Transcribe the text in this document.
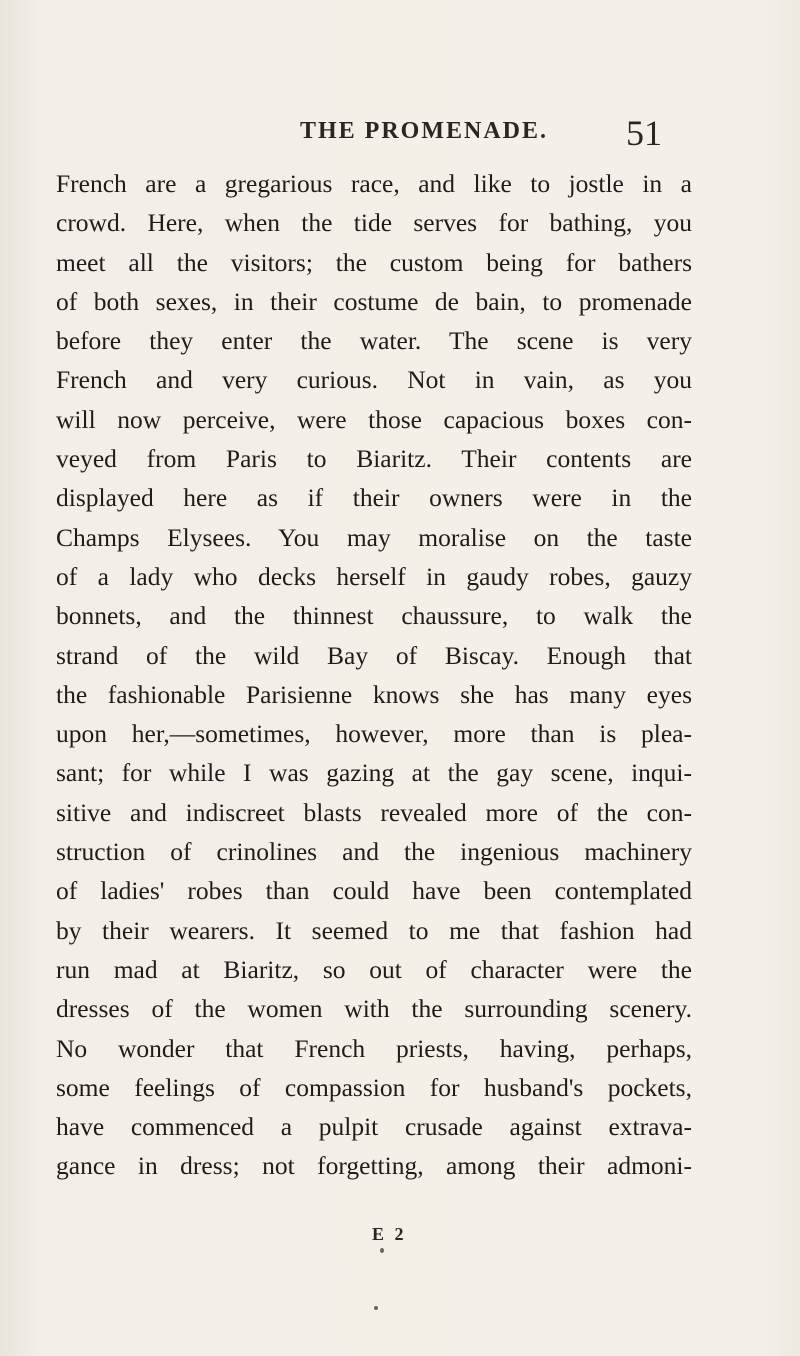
THE PROMENADE. 51
French are a gregarious race, and like to jostle in a
crowd. Here, when the tide serves for bathing, you
meet all the visitors; the custom being for bathers
of both sexes, in their costume de bain, to promenade
before they enter the water. The scene is very
French and very curious. Not in vain, as you
will now perceive, were those capacious boxes con-
veyed from Paris to Biaritz. Their contents are
displayed here as if their owners were in the
Champs Elysees. You may moralise on the taste
of a lady who decks herself in gaudy robes, gauzy
bonnets, and the thinnest chaussure, to walk the
strand of the wild Bay of Biscay. Enough that
the fashionable Parisienne knows she has many eyes
upon her,—sometimes, however, more than is plea-
sant; for while I was gazing at the gay scene, inqui-
sitive and indiscreet blasts revealed more of the con-
struction of crinolines and the ingenious machinery
of ladies' robes than could have been contemplated
by their wearers. It seemed to me that fashion had
run mad at Biaritz, so out of character were the
dresses of the women with the surrounding scenery.
No wonder that French priests, having, perhaps,
some feelings of compassion for husband's pockets,
have commenced a pulpit crusade against extrava-
gance in dress; not forgetting, among their admoni-
E 2
